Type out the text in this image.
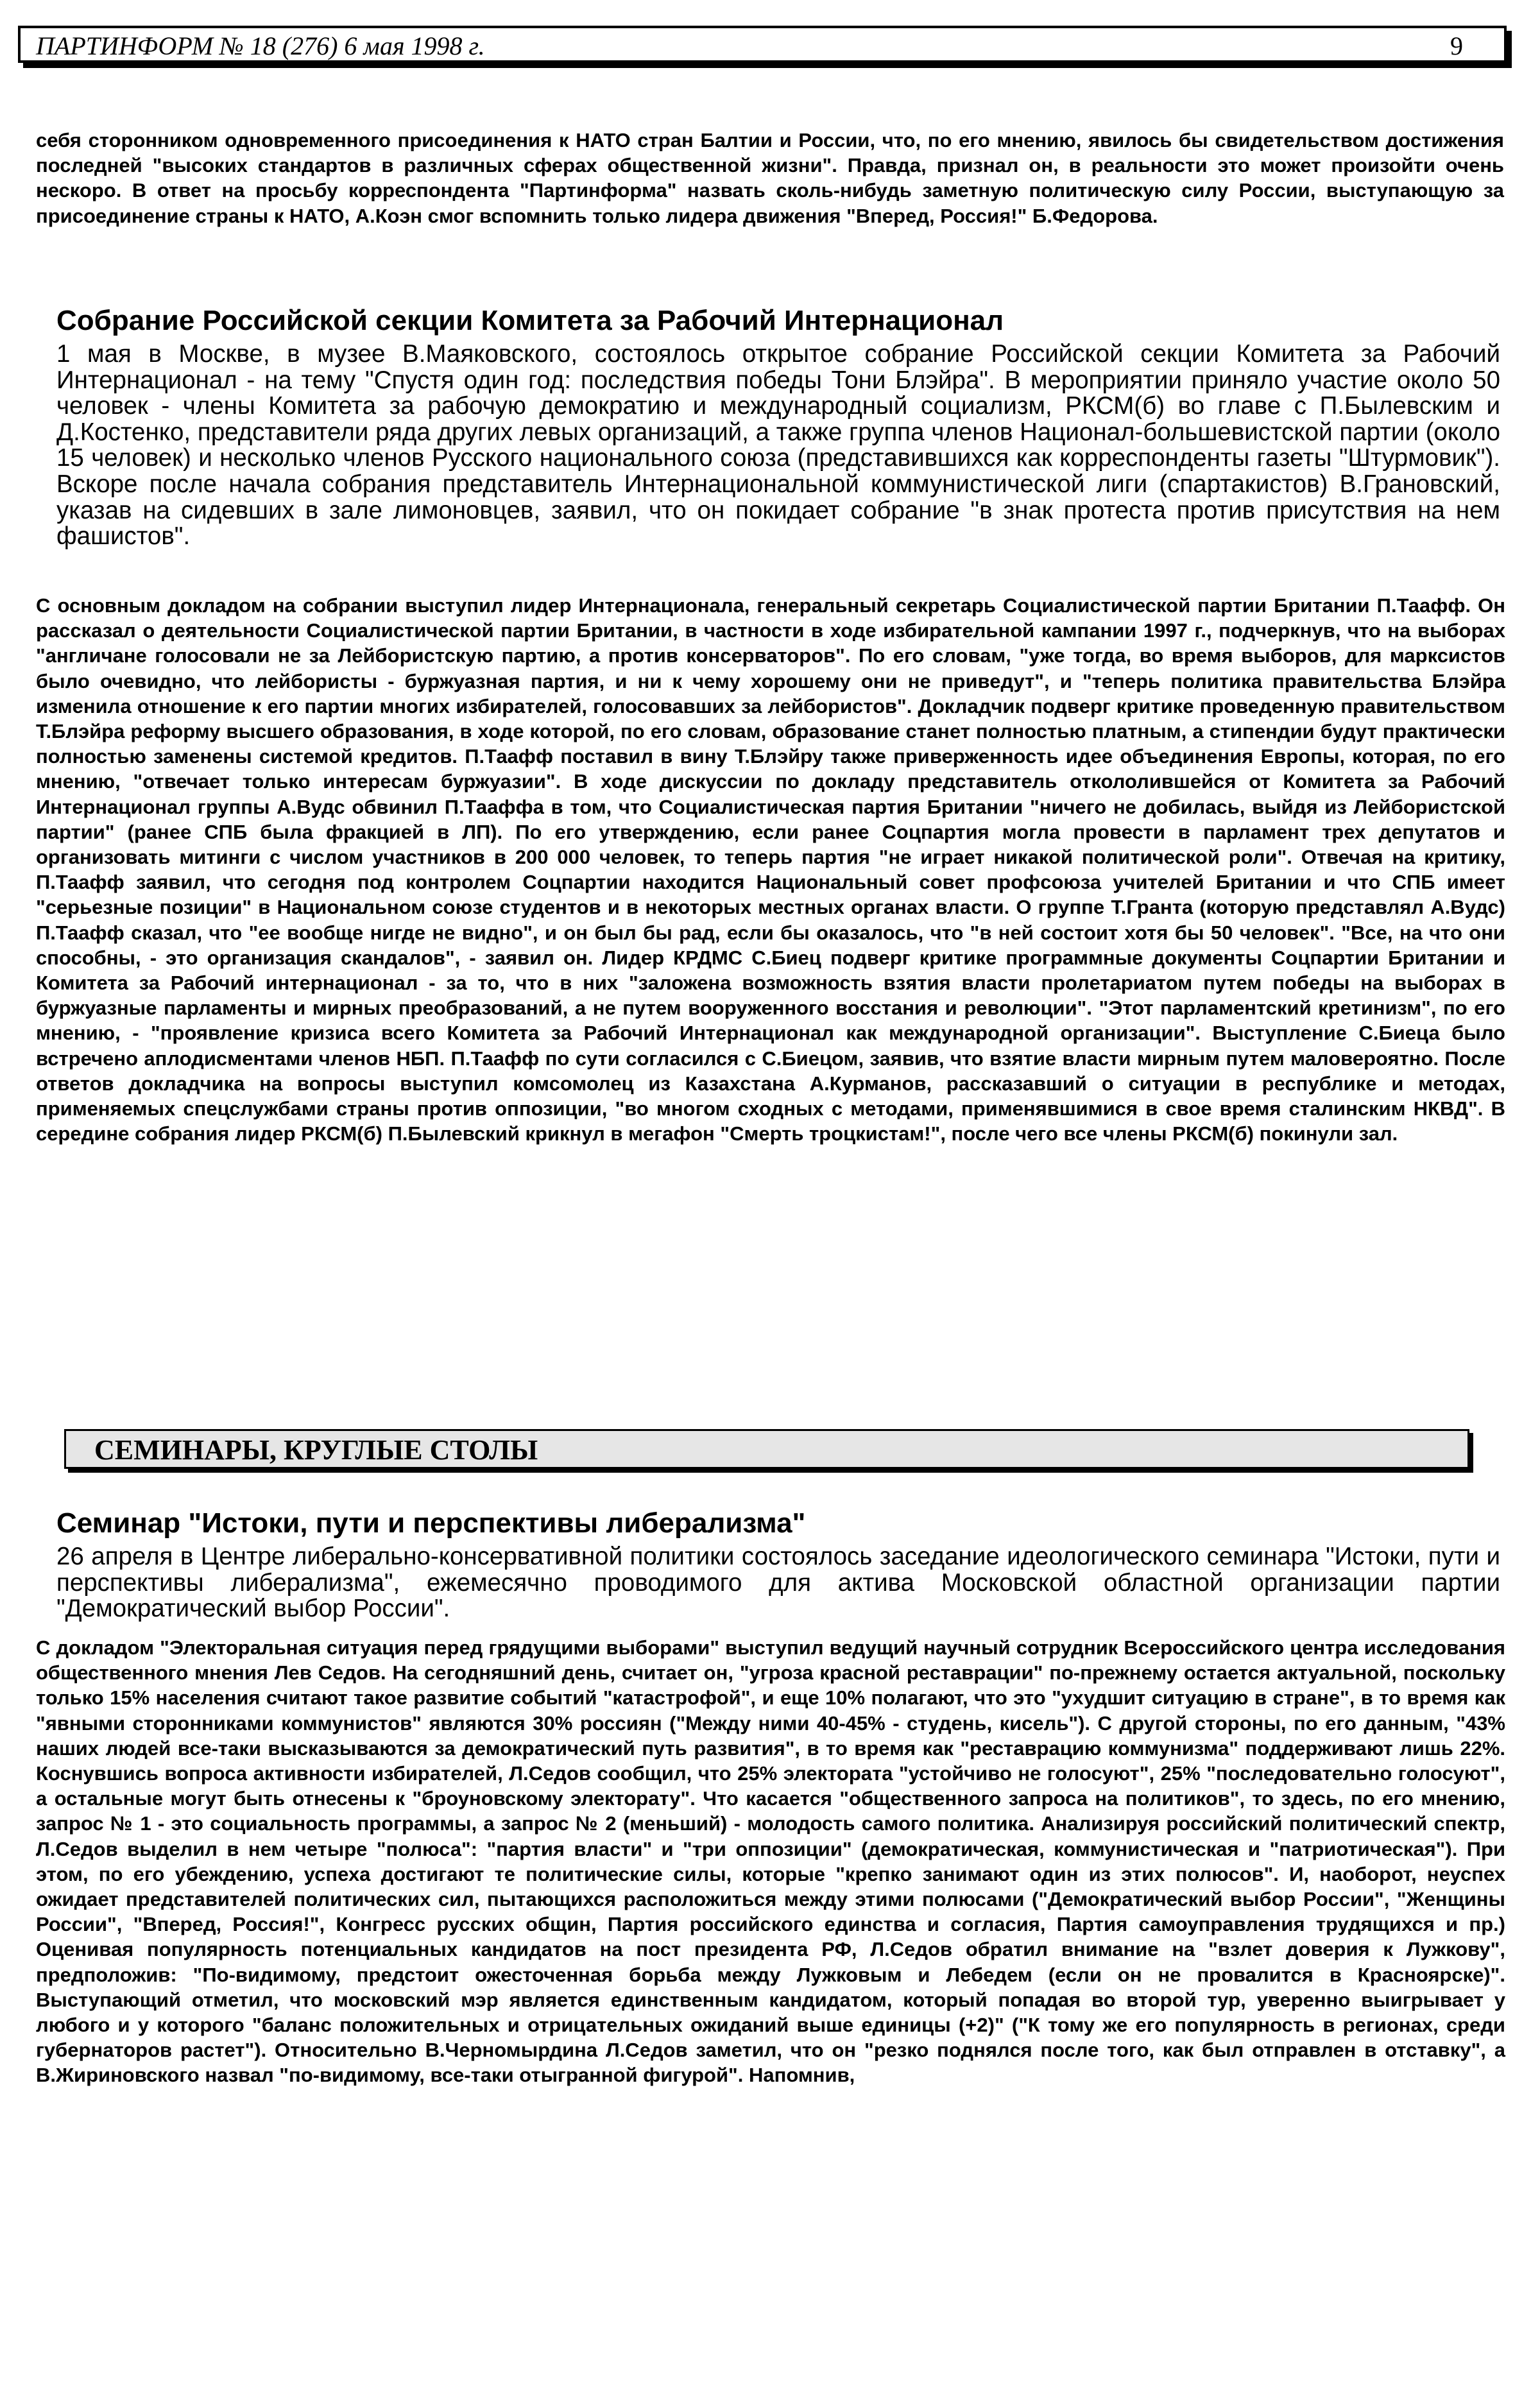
ПАРТИНФОРМ № 18 (276) 6 мая 1998 г.	9

себя сторонником одновременного присоединения к НАТО стран Балтии и России, что, по его мнению, явилось бы свидетельством достижения последней "высоких стандартов в различных сферах общественной жизни". Правда, признал он, в реальности это может произойти очень нескоро. В ответ на просьбу корреспондента "Партинформа" назвать сколь-нибудь заметную политическую силу России, выступающую за присоединение страны к НАТО, А.Коэн смог вспомнить только лидера движения "Вперед, Россия!" Б.Федорова.

Собрание Российской секции Комитета за Рабочий Интернационал

1 мая в Москве, в музее В.Маяковского, состоялось открытое собрание Российской секции Комитета за Рабочий Интернационал - на тему "Спустя один год: последствия победы Тони Блэйра". В мероприятии приняло участие около 50 человек - члены Комитета за рабочую демократию и международный социализм, РКСМ(б) во главе с П.Былевским и Д.Костенко, представители ряда других левых организаций, а также группа членов Национал-большевистской партии (около 15 человек) и несколько членов Русского национального союза (представившихся как корреспонденты газеты "Штурмовик"). Вскоре после начала собрания представитель Интернациональной коммунистической лиги (спартакистов) В.Грановский, указав на сидевших в зале лимоновцев, заявил, что он покидает собрание "в знак протеста против присутствия на нем фашистов".

С основным докладом на собрании выступил лидер Интернационала, генеральный секретарь Социалистической партии Британии П.Таафф. Он рассказал о деятельности Социалистической партии Британии, в частности в ходе избирательной кампании 1997 г., подчеркнув, что на выборах "англичане голосовали не за Лейбористскую партию, а против консерваторов". По его словам, "уже тогда, во время выборов, для марксистов было очевидно, что лейбористы - буржуазная партия, и ни к чему хорошему они не приведут", и "теперь политика правительства Блэйра изменила отношение к его партии многих избирателей, голосовавших за лейбористов". Докладчик подверг критике проведенную правительством Т.Блэйра реформу высшего образования, в ходе которой, по его словам, образование станет полностью платным, а стипендии будут практически полностью заменены системой кредитов. П.Таафф поставил в вину Т.Блэйру также приверженность идее объединения Европы, которая, по его мнению, "отвечает только интересам буржуазии". В ходе дискуссии по докладу представитель откололившейся от Комитета за Рабочий Интернационал группы А.Вудс обвинил П.Тааффа в том, что Социалистическая партия Британии "ничего не добилась, выйдя из Лейбористской партии" (ранее СПБ была фракцией в ЛП). По его утверждению, если ранее Соцпартия могла провести в парламент трех депутатов и организовать митинги с числом участников в 200 000 человек, то теперь партия "не играет никакой политической роли". Отвечая на критику, П.Таафф заявил, что сегодня под контролем Соцпартии находится Национальный совет профсоюза учителей Британии и что СПБ имеет "серьезные позиции" в Национальном союзе студентов и в некоторых местных органах власти. О группе Т.Гранта (которую представлял А.Вудс) П.Таафф сказал, что "ее вообще нигде не видно", и он был бы рад, если бы оказалось, что "в ней состоит хотя бы 50 человек". "Все, на что они способны, - это организация скандалов", - заявил он. Лидер КРДМС С.Биец подверг критике программные документы Соцпартии Британии и Комитета за Рабочий интернационал - за то, что в них "заложена возможность взятия власти пролетариатом путем победы на выборах в буржуазные парламенты и мирных преобразований, а не путем вооруженного восстания и революции". "Этот парламентский кретинизм", по его мнению, - "проявление кризиса всего Комитета за Рабочий Интернационал как международной организации". Выступление С.Биеца было встречено аплодисментами членов НБП. П.Таафф по сути согласился с С.Биецом, заявив, что взятие власти мирным путем маловероятно. После ответов докладчика на вопросы выступил комсомолец из Казахстана А.Курманов, рассказавший о ситуации в республике и методах, применяемых спецслужбами страны против оппозиции, "во многом сходных с методами, применявшимися в свое время сталинским НКВД". В середине собрания лидер РКСМ(б) П.Былевский крикнул в мегафон "Смерть троцкистам!", после чего все члены РКСМ(б) покинули зал.

СЕМИНАРЫ, КРУГЛЫЕ СТОЛЫ
Семинар "Истоки, пути и перспективы либерализма"

26 апреля в Центре либерально-консервативной политики состоялось заседание идеологического семинара "Истоки, пути и перспективы либерализма", ежемесячно проводимого для актива Московской областной организации партии "Демократический выбор России".

С докладом "Электоральная ситуация перед грядущими выборами" выступил ведущий научный сотрудник Всероссийского центра исследования общественного мнения Лев Седов. На сегодняшний день, считает он, "угроза красной реставрации" по-прежнему остается актуальной, поскольку только 15% населения считают такое развитие событий "катастрофой", и еще 10% полагают, что это "ухудшит ситуацию в стране", в то время как "явными сторонниками коммунистов" являются 30% россиян ("Между ними 40-45% - студень, кисель"). С другой стороны, по его данным, "43% наших людей все-таки высказываются за демократический путь развития", в то время как "реставрацию коммунизма" поддерживают лишь 22%. Коснувшись вопроса активности избирателей, Л.Седов сообщил, что 25% электората "устойчиво не голосуют", 25% "последовательно голосуют", а остальные могут быть отнесены к "броуновскому электорату". Что касается "общественного запроса на политиков", то здесь, по его мнению, запрос № 1 - это социальность программы, а запрос № 2 (меньший) - молодость самого политика. Анализируя российский политический спектр, Л.Седов выделил в нем четыре "полюса": "партия власти" и "три оппозиции" (демократическая, коммунистическая и "патриотическая"). При этом, по его убеждению, успеха достигают те политические силы, которые "крепко занимают один из этих полюсов". И, наоборот, неуспех ожидает представителей политических сил, пытающихся расположиться между этими полюсами ("Демократический выбор России", "Женщины России", "Вперед, Россия!", Конгресс русских общин, Партия российского единства и согласия, Партия самоуправления трудящихся и пр.) Оценивая популярность потенциальных кандидатов на пост президента РФ, Л.Седов обратил внимание на "взлет доверия к Лужкову", предположив: "По-видимому, предстоит ожесточенная борьба между Лужковым и Лебедем (если он не провалится в Красноярске)". Выступающий отметил, что московский мэр является единственным кандидатом, который попадая во второй тур, уверенно выигрывает у любого и у которого "баланс положительных и отрицательных ожиданий выше единицы (+2)" ("К тому же его популярность в регионах, среди губернаторов растет"). Относительно В.Черномырдина Л.Седов заметил, что он "резко поднялся после того, как был отправлен в отставку", а В.Жириновского назвал "по-видимому, все-таки отыгранной фигурой". Напомнив,
